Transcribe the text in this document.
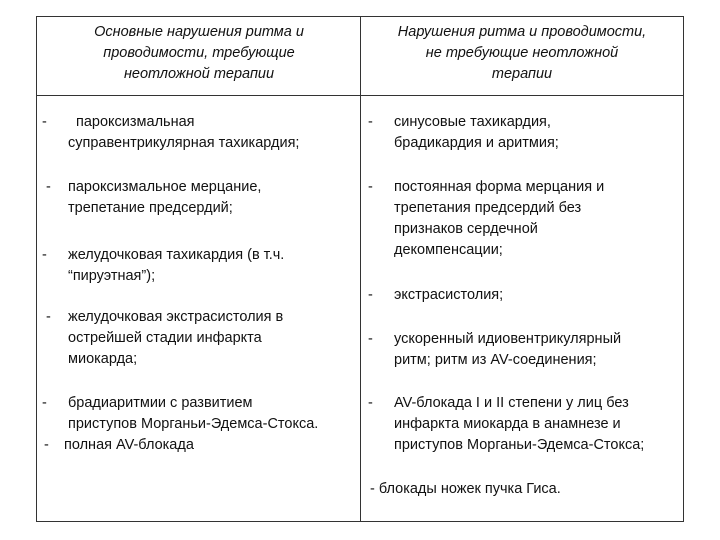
Основные нарушения ритма и
проводимости, требующие
неотложной терапии
Нарушения ритма и проводимости,
не требующие неотложной
терапии
- пароксизмальная
суправентрикулярная тахикардия;
- пароксизмальное мерцание,
трепетание предсердий;
- желудочковая тахикардия (в т.ч.
“пируэтная”);
- желудочковая экстрасистолия в
острейшей стадии инфаркта
миокарда;
- брадиаритмии с развитием
приступов Морганьи-Эдемса-Стокса.
- полная AV-блокада
- синусовые тахикардия,
брадикардия и аритмия;
- постоянная форма мерцания и
трепетания предсердий без
признаков сердечной
декомпенсации;
- экстрасистолия;
- ускоренный идиовентрикулярный
ритм; ритм из AV-соединения;
- AV-блокада I и II степени у лиц без
инфаркта миокарда в анамнезе и
приступов Морганьи-Эдемса-Стокса;
- блокады ножек пучка Гиса.
